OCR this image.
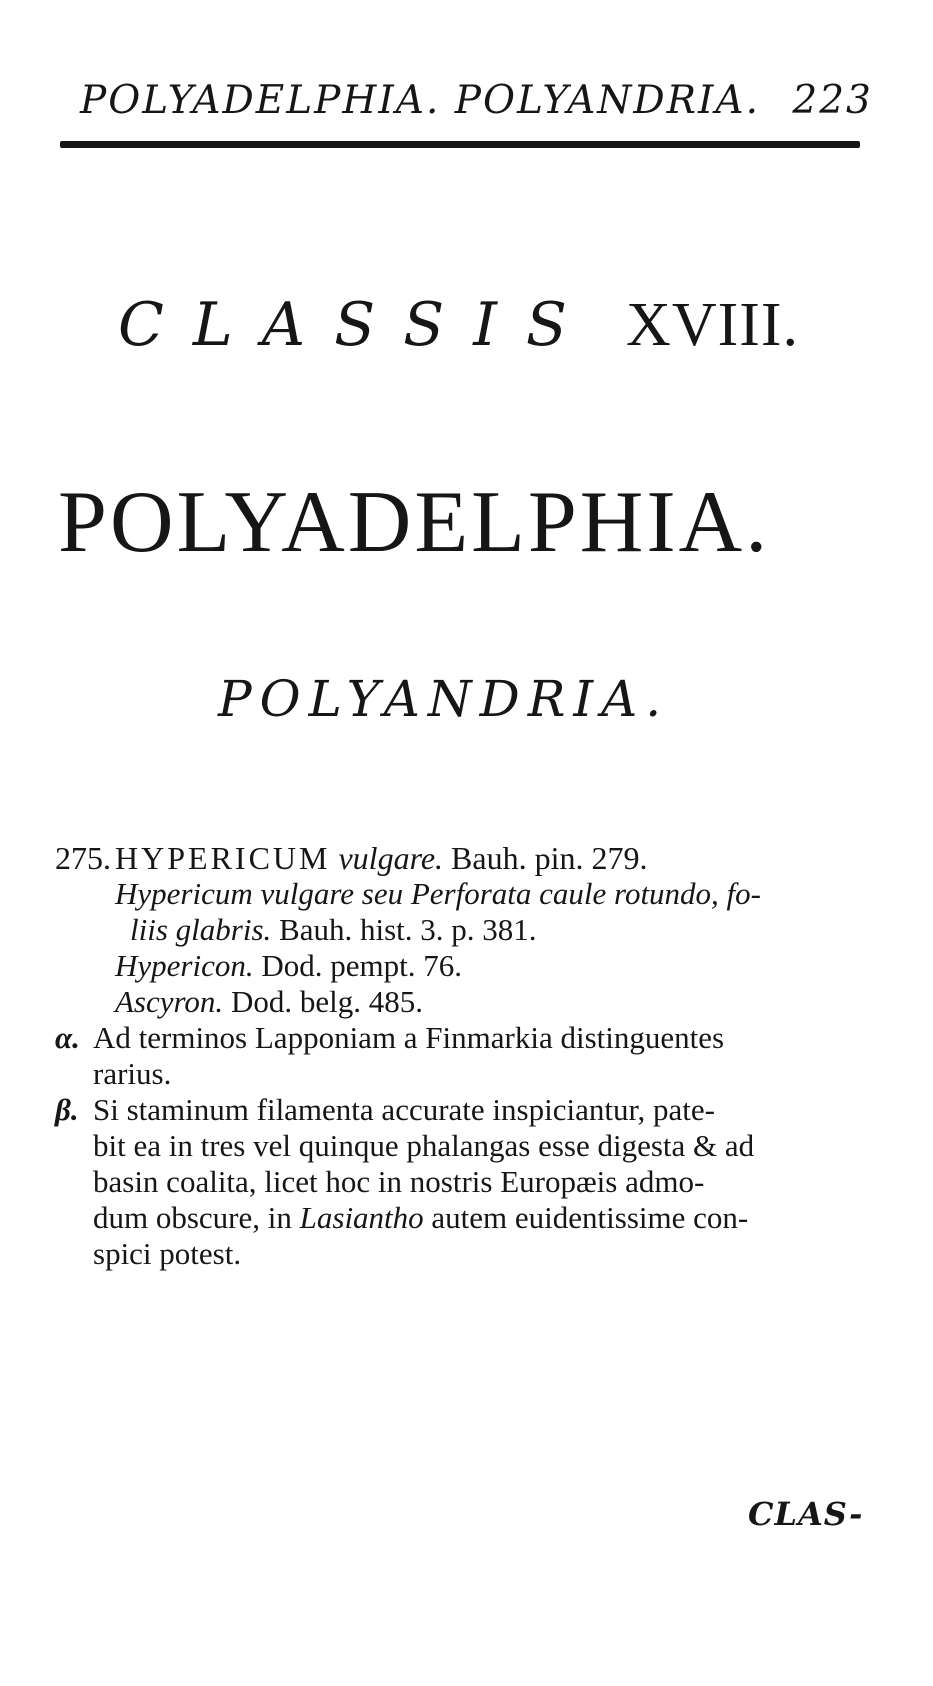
POLYADELPHIA. POLYANDRIA. 223
CLASSIS XVIII.
POLYADELPHIA.
POLYANDRIA.
275. HYPERICUM vulgare. Bauh. pin. 279.
Hypericum vulgare seu Perforata caule rotundo, fo-
liis glabris. Bauh. hist. 3. p. 381.
Hypericon. Dod. pempt. 76.
Ascyron. Dod. belg. 485.
α. Ad terminos Lapponiam a Finmarkia distinguentes
rarius.
β. Si staminum filamenta accurate inspiciantur, pate-
bit ea in tres vel quinque phalangas esse digesta & ad
basin coalita, licet hoc in nostris Europæis admo-
dum obscure, in Lasiantho autem euidentissime con-
spici potest.
CLAS-
